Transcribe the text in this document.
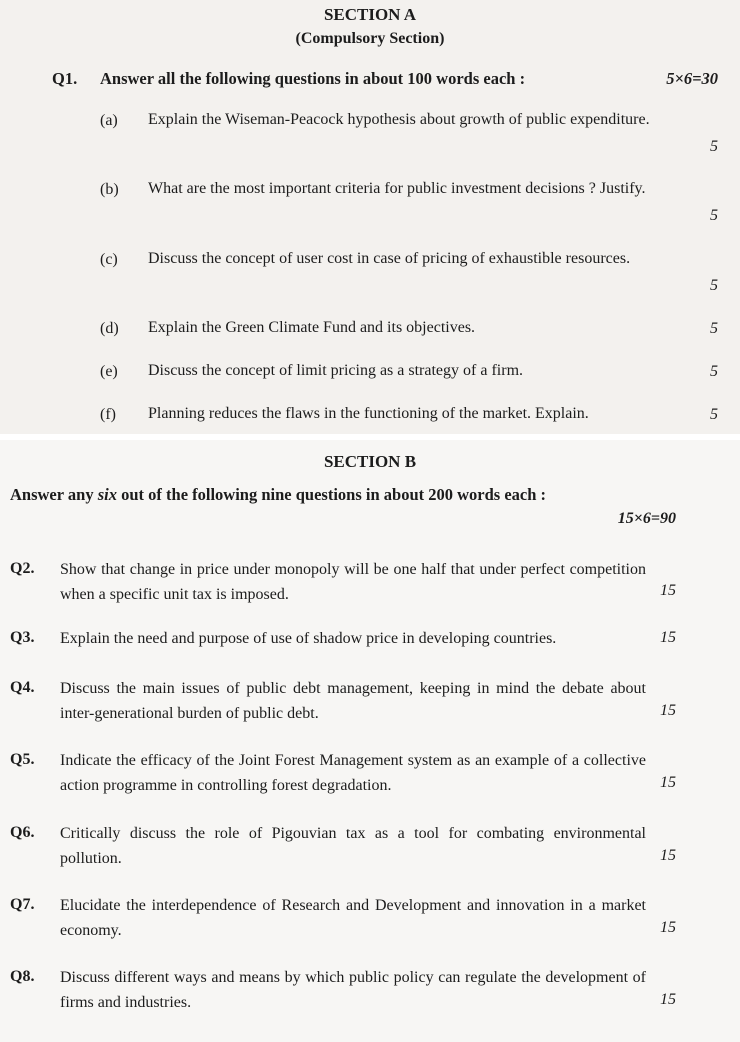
SECTION A
(Compulsory Section)
Q1. Answer all the following questions in about 100 words each :	5×6=30
(a) Explain the Wiseman-Peacock hypothesis about growth of public expenditure.
5
(b) What are the most important criteria for public investment decisions ? Justify.
5
(c) Discuss the concept of user cost in case of pricing of exhaustible resources.
5
(d) Explain the Green Climate Fund and its objectives.	5
(e) Discuss the concept of limit pricing as a strategy of a firm.	5
(f) Planning reduces the flaws in the functioning of the market. Explain.	5
SECTION B
Answer any six out of the following nine questions in about 200 words each :
15×6=90
Q2. Show that change in price under monopoly will be one half that under perfect competition when a specific unit tax is imposed.	15
Q3. Explain the need and purpose of use of shadow price in developing countries.	15
Q4. Discuss the main issues of public debt management, keeping in mind the debate about inter-generational burden of public debt.	15
Q5. Indicate the efficacy of the Joint Forest Management system as an example of a collective action programme in controlling forest degradation.	15
Q6. Critically discuss the role of Pigouvian tax as a tool for combating environmental pollution.	15
Q7. Elucidate the interdependence of Research and Development and innovation in a market economy.	15
Q8. Discuss different ways and means by which public policy can regulate the development of firms and industries.	15
